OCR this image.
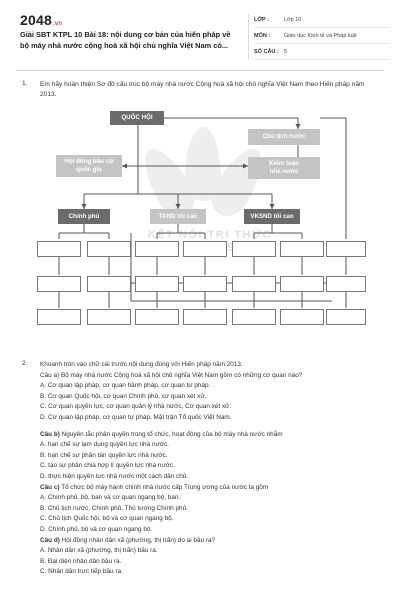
2048.vn
Giải SBT KTPL 10 Bài 18: nội dung cơ bản của hiến pháp về
bộ máy nhà nước cộng hoà xã hội chủ nghĩa Việt Nam có...
LỚP :	Lớp 10
MÔN :	Giáo dục Kinh tế và Pháp luật
SỐ CÂU : 5
1. Em hãy hoàn thiện Sơ đồ cấu trúc bộ máy nhà nước Cộng hoà xã hội chủ nghĩa Việt Nam theo Hiến pháp năm 2013.
KẾT NỐI TRI THỨC
QUỐC HỘI
Chủ tịch nước
Hội đồng bầu cử
quốc gia
Kiểm toán
nhà nước
Chính phủ	TAND tối cao	VKSND tối cao
2. Khoanh tròn vào chữ cái trước nội dung đúng với Hiến pháp năm 2013.

Câu a) Bộ máy nhà nước Cộng hoà xã hội chủ nghĩa Việt Nam gồm có những cơ quan nào?

A. Cơ quan lập pháp, cơ quan hành pháp, cơ quan tư pháp.

B. Cơ quan Quốc hội, cơ quan Chính phủ, cơ quan xét xử.

C. Cơ quan quyền lực, cơ quan quản lý nhà nước, Cơ quan xét xử.

D. Cơ quan lập pháp, cơ quan tự pháp, Mặt trận Tổ quốc Việt Nam.

Câu b) Nguyên tắc phân quyền trong tổ chức, hoạt động của bộ máy nhà nước nhằm

A. hạn chế sự lạm dụng quyền lực nhà nước.

B. hạn chế sự phân tán quyền lực nhà nước.

C. tạo sự phân chia hợp lí quyền lực nhà nước.

D. thực hiện quyền lực nhà nước một cách dân chủ.

Câu c) Tổ chức bộ máy hành chính nhà nước cấp Trung ương của nước ta gồm

A. Chính phủ, bộ, ban và cơ quan ngang bộ, ban.

B. Chủ tịch nước, Chính phủ, Thủ tướng Chính phủ.

C. Chủ tịch Quốc hội, bộ và cơ quan ngang bộ.

D. Chính phủ, bộ và cơ quan ngang bộ.

Câu d) Hội đồng nhân dân xã (phường, thị trấn) do ai bầu ra?

A. Nhân dân xã (phường, thị trấn) bầu ra.

B. Đại diện nhân dân bầu ra.

C. Nhân dân trực tiếp bầu ra.
